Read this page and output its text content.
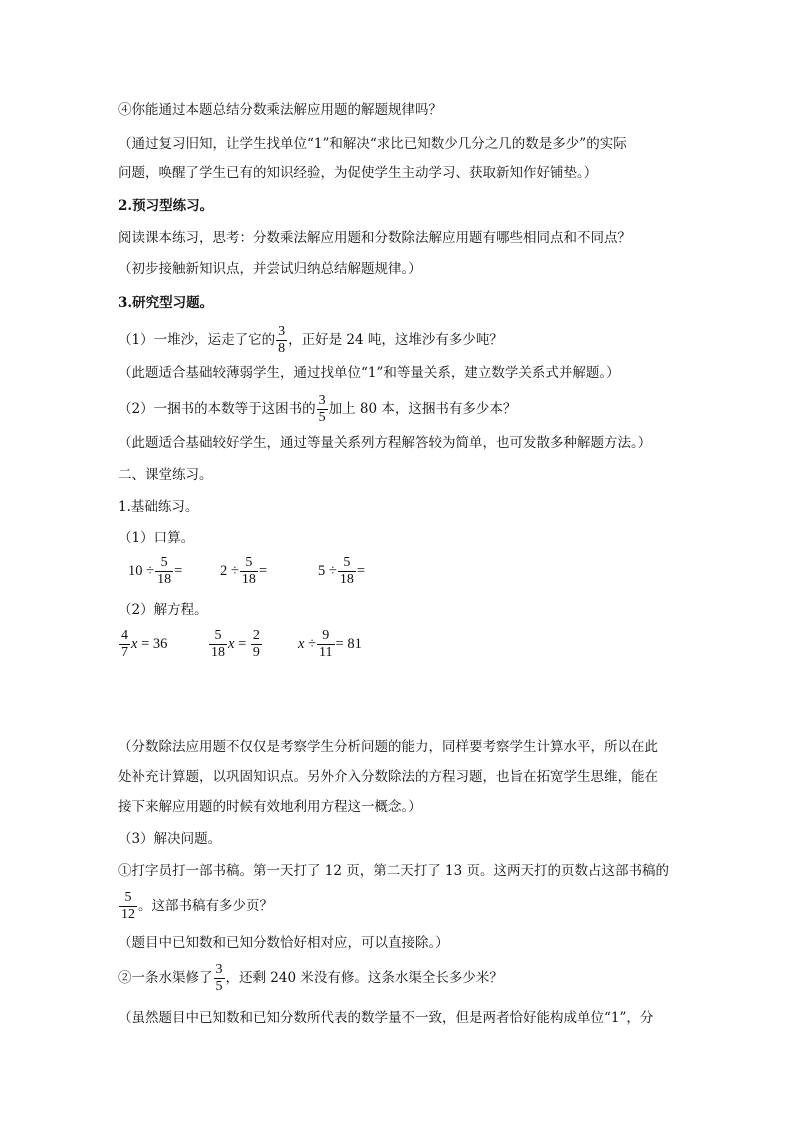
④你能通过本题总结分数乘法解应用题的解题规律吗？
（通过复习旧知，让学生找单位“1”和解决“求比已知数少几分之几的数是多少”的实际
问题，唤醒了学生已有的知识经验，为促使学生主动学习、获取新知作好铺垫。）
2.预习型练习。
阅读课本练习，思考：分数乘法解应用题和分数除法解应用题有哪些相同点和不同点？
（初步接触新知识点，并尝试归纳总结解题规律。）
3.研究型习题。
（1）一堆沙，运走了它的 $\frac{3}{8}$ ，正好是 24 吨，这堆沙有多少吨？
（此题适合基础较薄弱学生，通过找单位“1”和等量关系，建立数学关系式并解题。）
（2）一捆书的本数等于这困书的 $\frac{3}{5}$ 加上 80 本，这捆书有多少本？
（此题适合基础较好学生，通过等量关系列方程解答较为简单，也可发散多种解题方法。）
二、课堂练习。
1.基础练习。
（1）口算。
$10 \div \frac{5}{18}$ =	$2 \div \frac{5}{18}$ =	$5 \div \frac{5}{18}$ =
（2）解方程。
$\frac{4}{7}$ x
= 36	$\frac{5}{18}$ x
=
$\frac{2}{9}$ x
÷ $\frac{9}{11} = 81$
（分数除法应用题不仅仅是考察学生分析问题的能力，同样要考察学生计算水平，所以在此
处补充计算题，以巩固知识点。另外介入分数除法的方程习题，也旨在拓宽学生思维，能在
接下来解应用题的时候有效地利用方程这一概念。）
（3）解决问题。
①打字员打一部书稿。第一天打了 12 页，第二天打了 13 页。这两天打的页数占这部书稿的
$\frac{5}{12}$ 。这部书稿有多少页？
（题目中已知数和已知分数恰好相对应，可以直接除。）
②一条水渠修了 $\frac{3}{5}$ ，还剩 240 米没有修。这条水渠全长多少米？
（虽然题目中已知数和已知分数所代表的数学量不一致，但是两者恰好能构成单位“1”，分
